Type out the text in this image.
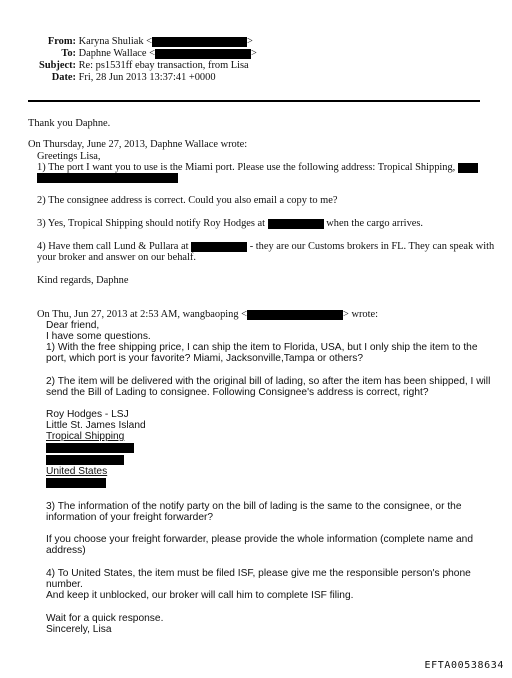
From: Karyna Shuliak <	>
To: Daphne Wallace <	>
Subject: Re: ps1531ff ebay transaction, from Lisa
Date: Fri, 28 Jun 2013 13:37:41 +0000
Thank you Daphne.
On Thursday, June 27, 2013, Daphne Wallace wrote:
Greetings Lisa,
1) The port I want you to use is the Miami port. Please use the following address: Tropical Shipping,
2) The consignee address is correct. Could you also email a copy to me?
3) Yes, Tropical Shipping should notify Roy Hodges at	when the cargo arrives.
4) Have them call Lund & Pullara at	- they are our Customs brokers in FL. They can speak with
your broker and answer on our behalf.
Kind regards, Daphne
On Thu, Jun 27, 2013 at 2:53 AM, wangbaoping <	> wrote:
Dear friend,
I have some questions.
1) With the free shipping price, I can ship the item to Florida, USA, but I only ship the item to the
port, which port is your favorite? Miami, Jacksonville,Tampa or others?
2) The item will be delivered with the original bill of lading, so after the item has been shipped, I will
send the Bill of Lading to consignee. Following Consignee's address is correct, right?
Roy Hodges - LSJ
Little St. James Island
Tropical Shipping
United States
3) The information of the notify party on the bill of lading is the same to the consignee, or the
information of your freight forwarder?
If you choose your freight forwarder, please provide the whole information (complete name and
address)
4) To United States, the item must be filed ISF, please give me the responsible person's phone
number.
And keep it unblocked, our broker will call him to complete ISF filing.
Wait for a quick response.
Sincerely, Lisa
EFTA00538634
